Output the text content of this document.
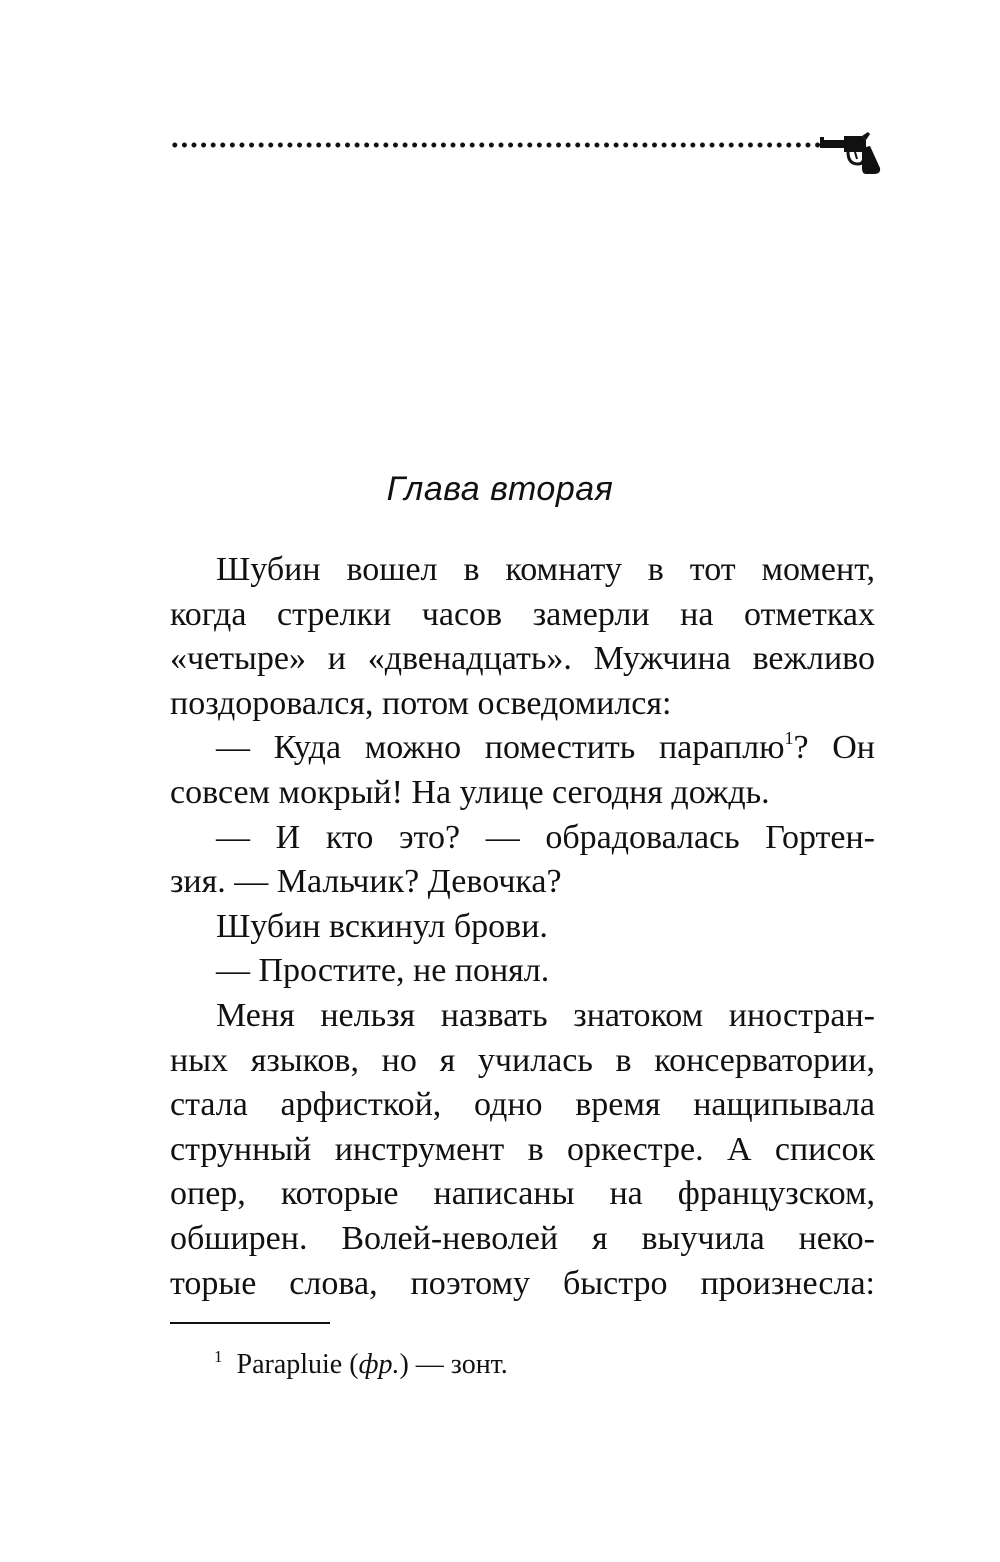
Глава вторая
Шубин вошел в комнату в тот момент,
когда стрелки часов замерли на отметках
«четыре» и «двенадцать». Мужчина вежливо
поздоровался, потом осведомился:
— Куда можно поместить параплю$^1$? Он
совсем мокрый! На улице сегодня дождь.
— И кто это? — обрадовалась Гортен-
зия. — Мальчик? Девочка?
Шубин вскинул брови.
— Простите, не понял.
Меня нельзя назвать знатоком иностран-
ных языков, но я училась в консерватории,
стала арфисткой, одно время нащипывала
струнный инструмент в оркестре. А список
опер, которые написаны на французском,
обширен. Волей-неволей я выучила неко-
торые слова, поэтому быстро произнесла:
$^1$ Parapluie (фр.) — зонт.
